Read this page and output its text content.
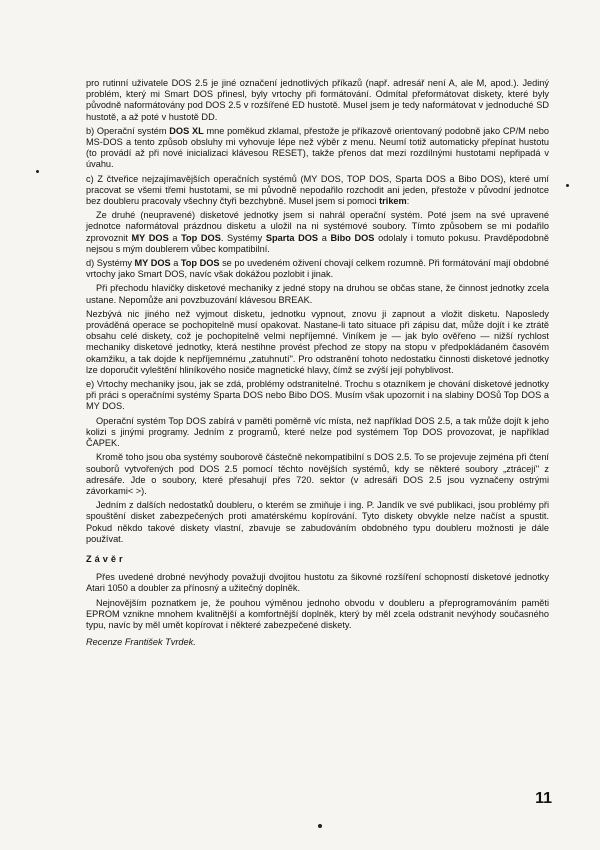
pro rutinní uživatele DOS 2.5 je jiné označení jednotlivých příkazů (např. adresář není A, ale M, apod.). Jediný problém, který mi Smart DOS přinesl, byly vrtochy při formátování. Odmítal přeformátovat diskety, které byly původně naformátovány pod DOS 2.5 v rozšířené ED hustotě. Musel jsem je tedy naformátovat v jednoduché SD hustotě, a až poté v hustotě DD.

b) Operační systém DOS XL mne poměkud zklamal, přestože je příkazově orientovaný podobně jako CP/M nebo MS-DOS a tento způsob obsluhy mi vyhovuje lépe než výběr z menu. Neumí totiž automaticky přepínat hustotu (to provádí až při nové inicializaci klávesou RESET), takže přenos dat mezi rozdílnými hustotami nepřipadá v úvahu.

c) Z čtveřice nejzajímavějších operačních systémů (MY DOS, TOP DOS, Sparta DOS a Bibo DOS), které umí pracovat se všemi třemi hustotami, se mi původně nepodařilo rozchodit ani jeden, přestože v původní jednotce bez doubleru pracovaly všechny čtyři bezchybně. Musel jsem si pomoci trikem:

Ze druhé (neupravené) disketové jednotky jsem si nahrál operační systém. Poté jsem na své upravené jednotce naformátoval prázdnou disketu a uložil na ni systémové soubory. Tímto způsobem se mi podařilo zprovoznit MY DOS a Top DOS. Systémy Sparta DOS a Bibo DOS odolaly i tomuto pokusu. Pravděpodobně nejsou s mým doublerem vůbec kompatibilní.

d) Systémy MY DOS a Top DOS se po uvedeném oživení chovají celkem rozumně. Při formátování mají obdobné vrtochy jako Smart DOS, navíc však dokážou pozlobit i jinak.

Při přechodu hlavičky disketové mechaniky z jedné stopy na druhou se občas stane, že činnost jednotky zcela ustane. Nepomůže ani povzbuzování klávesou BREAK.

Nezbývá nic jiného než vyjmout disketu, jednotku vypnout, znovu ji zapnout a vložit disketu. Naposledy prováděná operace se pochopitelně musí opakovat. Nastane-li tato situace při zápisu dat, může dojít i ke ztrátě obsahu celé diskety, což je pochopitelně velmi nepříjemné. Viníkem je — jak bylo ověřeno — nižší rychlost mechaniky disketové jednotky, která nestihne provést přechod ze stopy na stopu v předpokládaném časovém okamžiku, a tak dojde k nepříjemnému „zatuhnutí". Pro odstranění tohoto nedostatku činnosti disketové jednotky lze doporučit vyleštění hliníkového nosiče magnetické hlavy, čímž se zvýší její pohyblivost.

e) Vrtochy mechaniky jsou, jak se zdá, problémy odstranitelné. Trochu s otazníkem je chování disketové jednotky při práci s operačními systémy Sparta DOS nebo Bibo DOS. Musím však upozornit i na slabiny DOSů Top DOS a MY DOS.

Operační systém Top DOS zabírá v paměti poměrně víc místa, než například DOS 2.5, a tak může dojít k jeho kolizi s jinými programy. Jedním z programů, které nelze pod systémem Top DOS provozovat, je například ČAPEK.

Kromě toho jsou oba systémy souborově částečně nekompatibilní s DOS 2.5. To se projevuje zejména při čtení souborů vytvořených pod DOS 2.5 pomocí těchto novějších systémů, kdy se některé soubory „ztrácejí" z adresáře. Jde o soubory, které přesahují přes 720. sektor (v adresáři DOS 2.5 jsou vyznačeny ostrými závorkami< >).

Jedním z dalších nedostatků doubleru, o kterém se zmiňuje i ing. P. Jandík ve své publikaci, jsou problémy při spouštění disket zabezpečených proti amatérskému kopírování. Tyto diskety obvykle nelze načíst a spustit. Pokud někdo takové diskety vlastní, zbavuje se zabudováním obdobného typu doubleru možnosti je dále používat.

Závěr

Přes uvedené drobné nevýhody považuji dvojitou hustotu za šikovné rozšíření schopností disketové jednotky Atari 1050 a doubler za přínosný a užitečný doplněk.

Nejnovějším poznatkem je, že pouhou výměnou jednoho obvodu v doubleru a přeprogramováním paměti EPROM vznikne mnohem kvalitnější a komfortnější doplněk, který by měl zcela odstranit nevýhody současného typu, navíc by měl umět kopírovat i některé zabezpečené diskety.

Recenze František Tvrdek.
11
